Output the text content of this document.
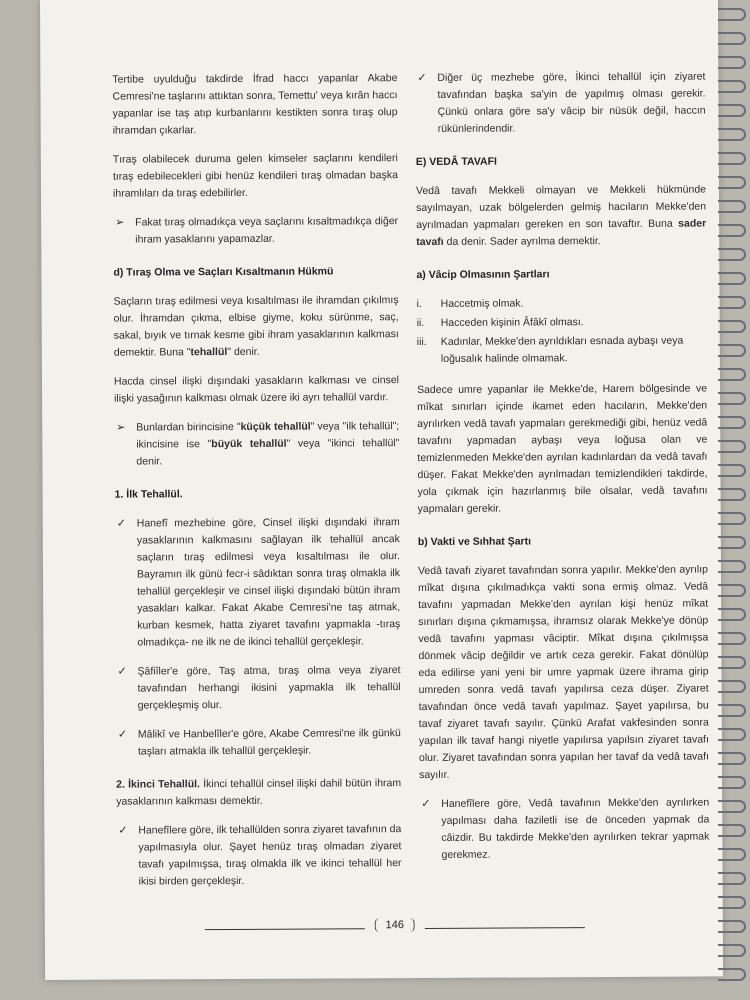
Tertibe uyulduğu takdirde İfrad haccı yapanlar Akabe Cemresi'ne taşlarını attıktan sonra, Temettu' veya kırân haccı yapanlar ise taş atıp kurbanlarını kestikten sonra tıraş olup ihramdan çıkarlar.

Tıraş olabilecek duruma gelen kimseler saçlarını kendileri tıraş edebilecekleri gibi henüz kendileri tıraş olmadan başka ihramlıları da tıraş edebilirler.

➢ Fakat tıraş olmadıkça veya saçlarını kısaltmadıkça diğer ihram yasaklarını yapamazlar.
d) Tıraş Olma ve Saçları Kısaltmanın Hükmü

Saçların tıraş edilmesi veya kısaltılması ile ihramdan çıkılmış olur. İhramdan çıkma, elbise giyme, koku sürünme, saç, sakal, bıyık ve tırnak kesme gibi ihram yasaklarının kalkması demektir. Buna "tehallül" denir.

Hacda cinsel ilişki dışındaki yasakların kalkması ve cinsel ilişki yasağının kalkması olmak üzere iki ayrı tehallül vardır.

➢ Bunlardan birincisine "küçük tehallül" veya "ilk tehallül"; ikincisine ise "büyük tehallül" veya "ikinci tehallül" denir.
1. İlk Tehallül.
✓ Hanefî mezhebine göre, Cinsel ilişki dışındaki ihram yasaklarının kalkmasını sağlayan ilk tehallül ancak saçların tıraş edilmesi veya kısaltılması ile olur. Bayramın ilk günü fecr-i sâdıktan sonra tıraş olmakla ilk tehallül gerçekleşir ve cinsel ilişki dışındaki bütün ihram yasakları kalkar. Fakat Akabe Cemresi'ne taş atmak, kurban kesmek, hatta ziyaret tavafını yapmakla -tıraş olmadıkça- ne ilk ne de ikinci tehallül gerçekleşir.
✓ Şâfiîler'e göre, Taş atma, tıraş olma veya ziyaret tavafından herhangi ikisini yapmakla ilk tehallül gerçekleşmiş olur.
✓ Mâlikî ve Hanbelîler'e göre, Akabe Cemresi'ne ilk günkü taşları atmakla ilk tehallül gerçekleşir.

2. İkinci Tehallül. İkinci tehallül cinsel ilişki dahil bütün ihram yasaklarının kalkması demektir.

✓ Hanefîlere göre, ilk tehallülden sonra ziyaret tavafının da yapılmasıyla olur. Şayet henüz tıraş olmadan ziyaret tavafı yapılmışsa, tıraş olmakla ilk ve ikinci tehallül her ikisi birden gerçekleşir.
✓ Diğer üç mezhebe göre, İkinci tehallül için ziyaret tavafından başka sa'yin de yapılmış olması gerekir. Çünkü onlara göre sa'y vâcip bir nüsük değil, haccın rükünlerindendir.
E) VEDÂ TAVAFI

Vedâ tavafı Mekkeli olmayan ve Mekkeli hükmünde sayılmayan, uzak bölgelerden gelmiş hacıların Mekke'den ayrılmadan yapmaları gereken en son tavaftır. Buna sader tavafı da denir. Sader ayrılma demektir.

a) Vâcip Olmasının Şartları
i. Haccetmiş olmak.
ii. Hacceden kişinin Âfâkî olması.
iii. Kadınlar, Mekke'den ayrıldıkları esnada aybaşı veya loğusalık halinde olmamak.

Sadece umre yapanlar ile Mekke'de, Harem bölgesinde ve mîkat sınırları içinde ikamet eden hacıların, Mekke'den ayrılırken vedâ tavafı yapmaları gerekmediği gibi, henüz vedâ tavafını yapmadan aybaşı veya loğusa olan ve temizlenmeden Mekke'den ayrılan kadınlardan da vedâ tavafı düşer. Fakat Mekke'den ayrılmadan temizlendikleri takdirde, yola çıkmak için hazırlanmış bile olsalar, vedâ tavafını yapmaları gerekir.

b) Vakti ve Sıhhat Şartı

Vedâ tavafı ziyaret tavafından sonra yapılır. Mekke'den ayrılıp mîkat dışına çıkılmadıkça vakti sona ermiş olmaz. Vedâ tavafını yapmadan Mekke'den ayrılan kişi henüz mîkat sınırları dışına çıkmamışsa, ihramsız olarak Mekke'ye dönüp vedâ tavafını yapması vâciptir. Mîkat dışına çıkılmışsa dönmek vâcip değildir ve artık ceza gerekir. Fakat dönülüp eda edilirse yani yeni bir umre yapmak üzere ihrama girip umreden sonra vedâ tavafı yapılırsa ceza düşer. Ziyaret tavafından önce vedâ tavafı yapılmaz. Şayet yapılırsa, bu tavaf ziyaret tavafı sayılır. Çünkü Arafat vakfesinden sonra yapılan ilk tavaf hangi niyetle yapılırsa yapılsın ziyaret tavafı olur. Ziyaret tavafından sonra yapılan her tavaf da vedâ tavafı sayılır.

✓ Hanefîlere göre, Vedâ tavafının Mekke'den ayrılırken yapılması daha faziletli ise de önceden yapmak da câizdir. Bu takdirde Mekke'den ayrılırken tekrar yapmak gerekmez.
146
